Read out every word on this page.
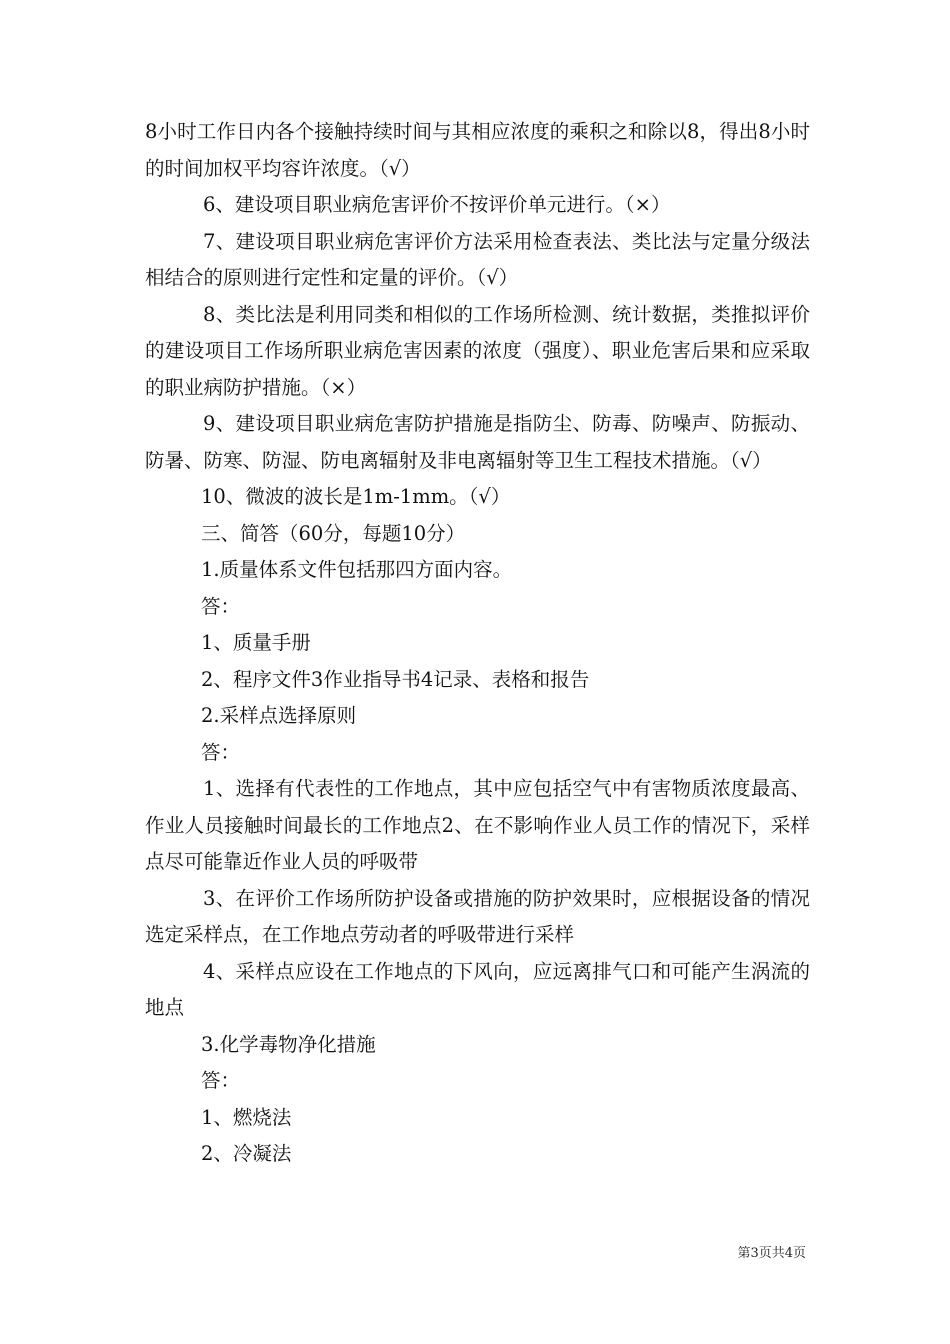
8小时工作日内各个接触持续时间与其相应浓度的乘积之和除以8，得出8小时的时间加权平均容许浓度。（√）

6、建设项目职业病危害评价不按评价单元进行。（×）

7、建设项目职业病危害评价方法采用检查表法、类比法与定量分级法相结合的原则进行定性和定量的评价。（√）

8、类比法是利用同类和相似的工作场所检测、统计数据，类推拟评价的建设项目工作场所职业病危害因素的浓度（强度）、职业危害后果和应采取的职业病防护措施。（×）

9、建设项目职业病危害防护措施是指防尘、防毒、防噪声、防振动、防暑、防寒、防湿、防电离辐射及非电离辐射等卫生工程技术措施。（√）

10、微波的波长是1m-1mm。（√）

三、简答（60分，每题10分）

1.质量体系文件包括那四方面内容。

答：

1、质量手册

2、程序文件3作业指导书4记录、表格和报告

2.采样点选择原则

答：

1、选择有代表性的工作地点，其中应包括空气中有害物质浓度最高、作业人员接触时间最长的工作地点2、在不影响作业人员工作的情况下，采样点尽可能靠近作业人员的呼吸带

3、在评价工作场所防护设备或措施的防护效果时，应根据设备的情况选定采样点，在工作地点劳动者的呼吸带进行采样

4、采样点应设在工作地点的下风向，应远离排气口和可能产生涡流的地点

3.化学毒物净化措施

答：

1、燃烧法

2、冷凝法

第3页共4页
